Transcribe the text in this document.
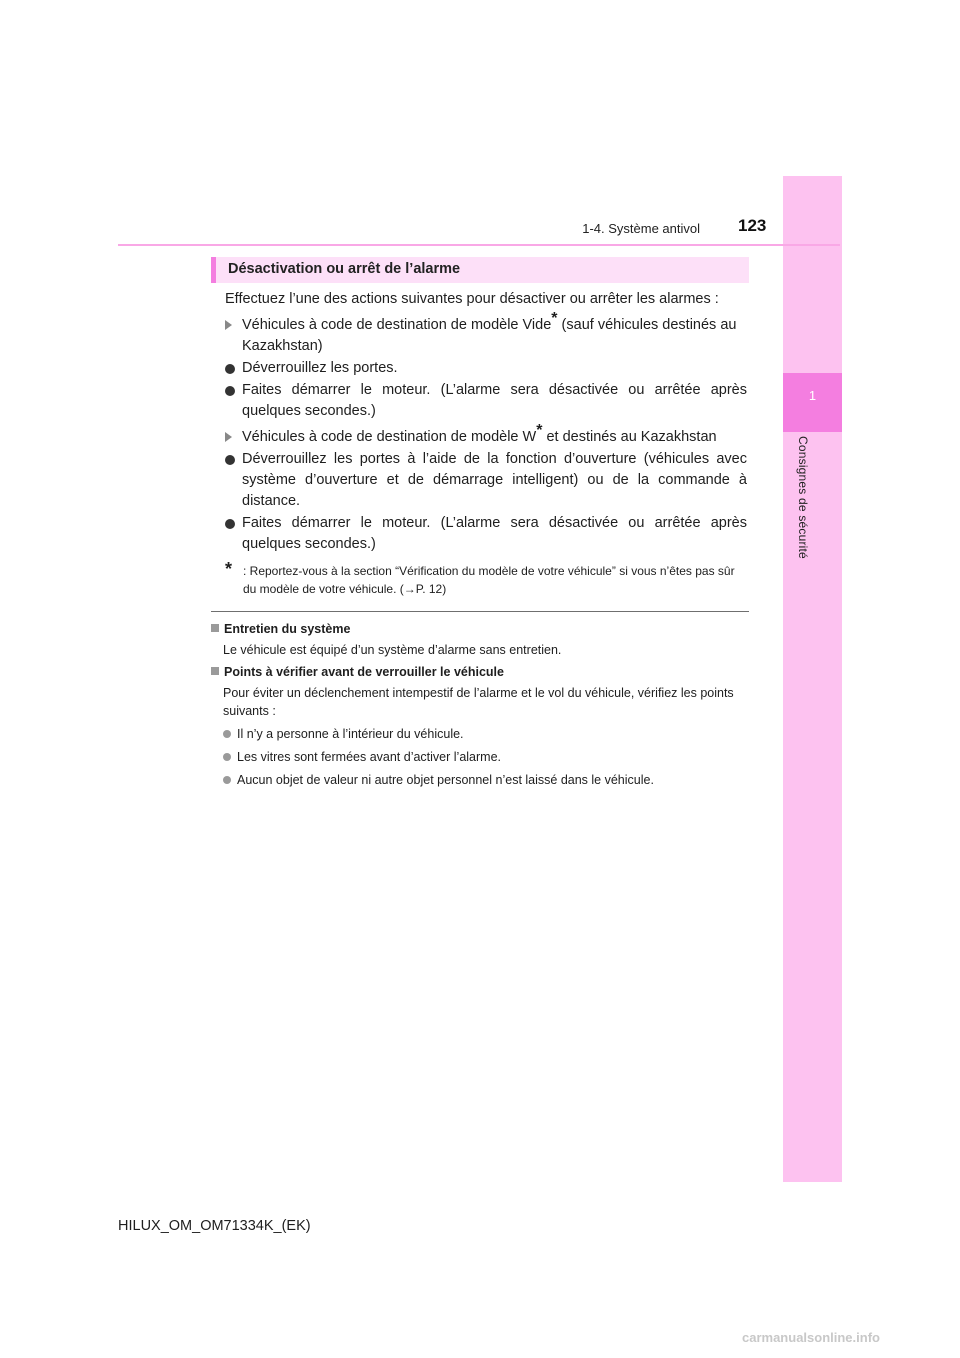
1
Consignes de sécurité
1-4. Système antivol 123
Désactivation ou arrêt de l’alarme
Effectuez l’une des actions suivantes pour désactiver ou arrêter les alarmes :
Véhicules à code de destination de modèle Vide* (sauf véhicules destinés au Kazakhstan)
Déverrouillez les portes.
Faites démarrer le moteur. (L’alarme sera désactivée ou arrêtée après quelques secondes.)
Véhicules à code de destination de modèle W* et destinés au Kazakhstan
Déverrouillez les portes à l’aide de la fonction d’ouverture (véhicules avec système d’ouverture et de démarrage intelligent) ou de la commande à distance.
Faites démarrer le moteur. (L’alarme sera désactivée ou arrêtée après quelques secondes.)
* : Reportez-vous à la section “Vérification du modèle de votre véhicule” si vous n’êtes pas sûr du modèle de votre véhicule. (→P. 12)
Entretien du système
Le véhicule est équipé d’un système d’alarme sans entretien.
Points à vérifier avant de verrouiller le véhicule
Pour éviter un déclenchement intempestif de l’alarme et le vol du véhicule, vérifiez les points suivants :
Il n’y a personne à l’intérieur du véhicule.
Les vitres sont fermées avant d’activer l’alarme.
Aucun objet de valeur ni autre objet personnel n’est laissé dans le véhicule.
HILUX_OM_OM71334K_(EK)
carmanualsonline.info
